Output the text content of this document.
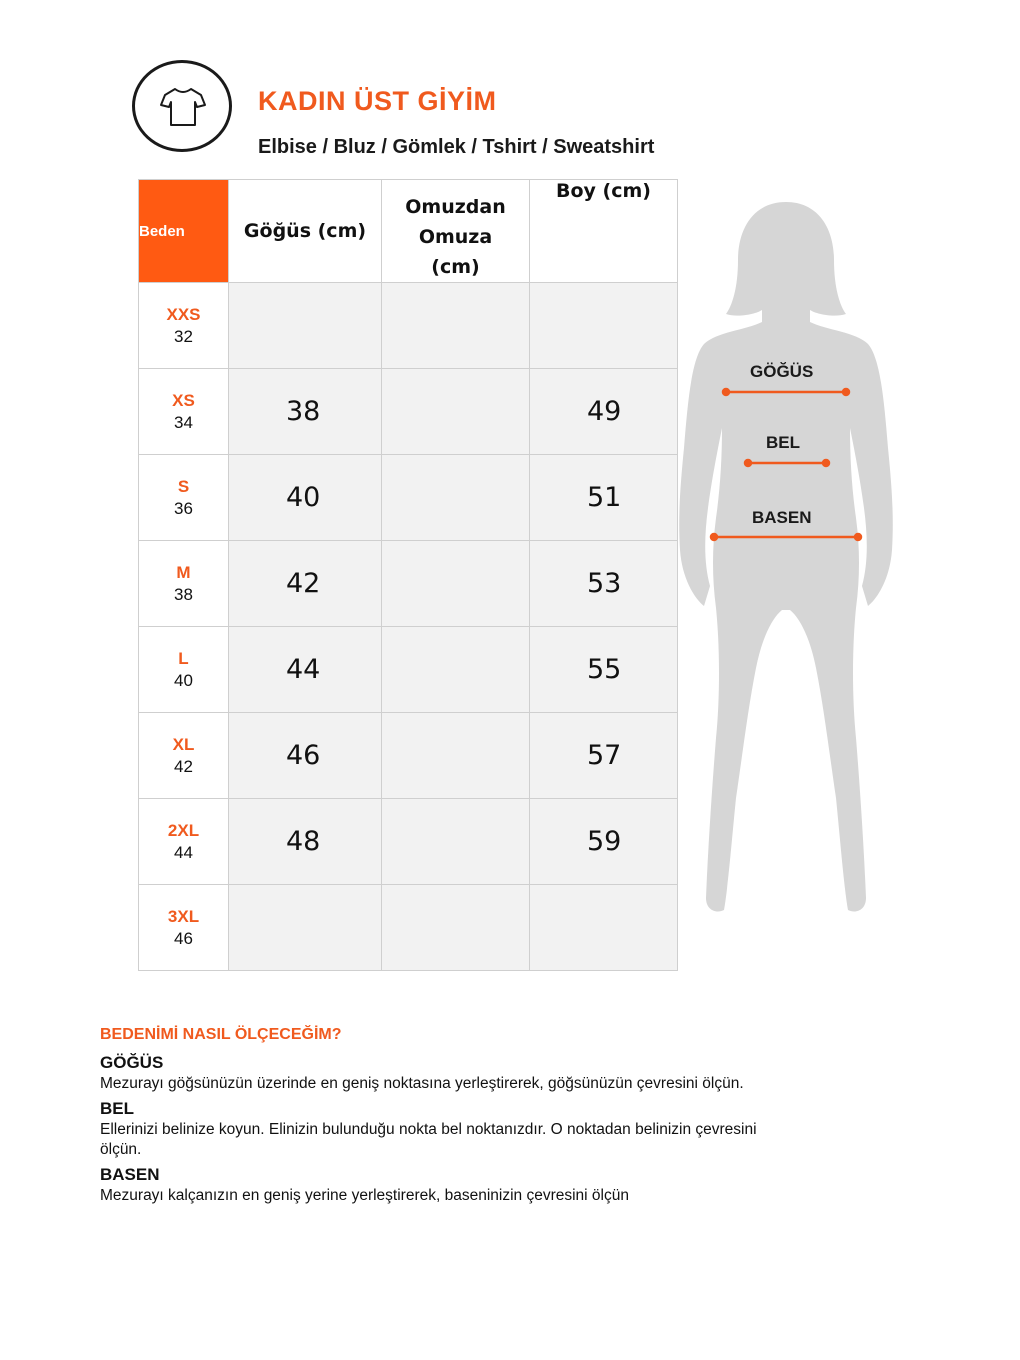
KADIN ÜST GİYİM
Elbise / Bluz / Gömlek / Tshirt / Sweatshirt
Beden	Göğüs (cm)	Omuzdan Omuza (cm)	Boy (cm)

XXS
32			

XS
34	38		49

S
36	40		51

M
38	42		53

L
40	44		55

XL
42	46		57

2XL
44	48		59

3XL
46			

GÖĞÜS
BEL
BASEN

BEDENİMİ NASIL ÖLÇECEĞİM?

GÖĞÜS

Mezurayı göğsünüzün üzerinde en geniş noktasına yerleştirerek, göğsünüzün çevresini ölçün.

BEL

Ellerinizi belinize koyun. Elinizin bulunduğu nokta bel noktanızdır. O noktadan belinizin çevresini ölçün.

BASEN

Mezurayı kalçanızın en geniş yerine yerleştirerek, baseninizin çevresini ölçün
